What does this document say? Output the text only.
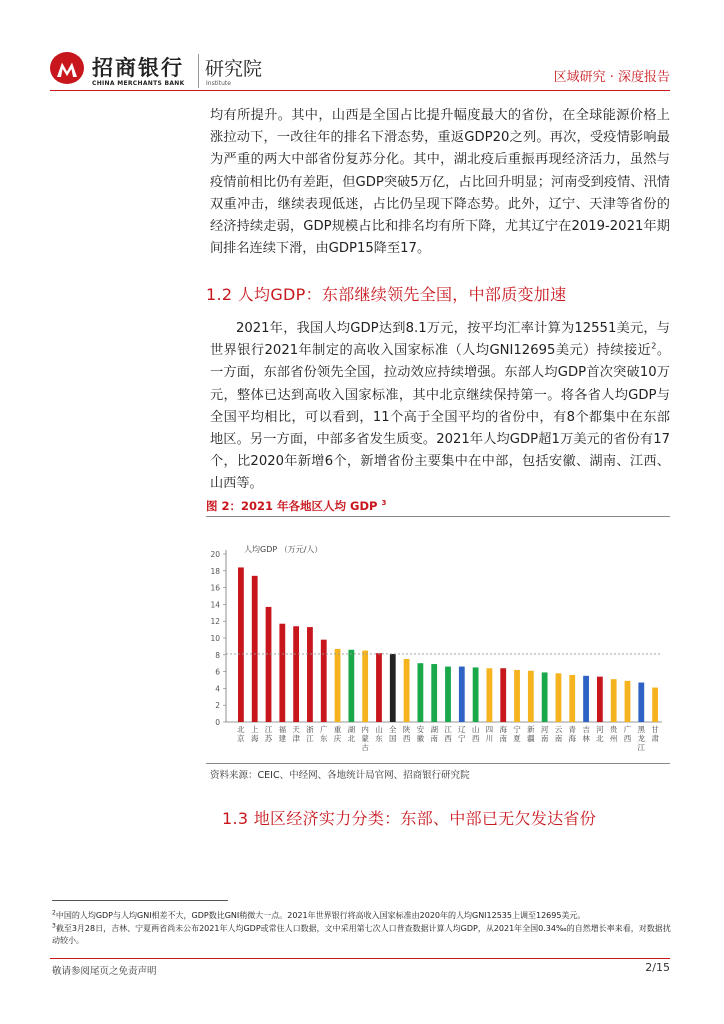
招商银行
CHINA MERCHANTS BANK
研究院
Institute	区域研究 · 深度报告

均有所提升。其中，山西是全国占比提升幅度最大的省份，在全球能源价格上涨拉动下，一改往年的排名下滑态势，重返GDP20之列。再次，受疫情影响最为严重的两大中部省份复苏分化。其中，湖北疫后重振再现经济活力，虽然与疫情前相比仍有差距，但GDP突破5万亿，占比回升明显；河南受到疫情、汛情双重冲击，继续表现低迷，占比仍呈现下降态势。此外，辽宁、天津等省份的经济持续走弱，GDP规模占比和排名均有所下降，尤其辽宁在2019-2021年期间排名连续下滑，由GDP15降至17。

1.2 人均GDP：东部继续领先全国，中部质变加速

2021年，我国人均GDP达到8.1万元，按平均汇率计算为12551美元，与世界银行2021年制定的高收入国家标准（人均GNI12695美元）持续接近$^2$。一方面，东部省份领先全国，拉动效应持续增强。东部人均GDP首次突破10万元，整体已达到高收入国家标准，其中北京继续保持第一。将各省人均GDP与全国平均相比，可以看到，11个高于全国平均的省份中，有8个都集中在东部地区。另一方面，中部多省发生质变。2021年人均GDP超1万美元的省份有17个，比2020年新增6个，新增省份主要集中在中部，包括安徽、湖南、江西、山西等。

图 2：2021 年各地区人均 GDP $^3$
人均GDP （万元/人）
0
2
4
6
8
10
12
14
16
18
20
北京
上海
江苏
福建
天津
浙江
广东
重庆
湖北
内蒙古
山东
全国
陕西
安徽
湖南
江西
辽宁
山西
四川
海南
宁夏
新疆
河南
云南
青海
吉林
河北
贵州
广西
黑龙江
甘肃
资料来源：CEIC、中经网、各地统计局官网、招商银行研究院
1.3 地区经济实力分类：东部、中部已无欠发达省份

$^2$中国的人均GDP与人均GNI相差不大，GDP数比GNI稍微大一点。2021年世界银行将高收入国家标准由2020年的人均GNI12535上调至12695美元。

$^3$截至3月28日，吉林、宁夏两省尚未公布2021年人均GDP或常住人口数据，文中采用第七次人口普查数据计算人均GDP，从2021年全国0.34‰的自然增长率来看，对数据扰动较小。

敬请参阅尾页之免责声明	2/15
